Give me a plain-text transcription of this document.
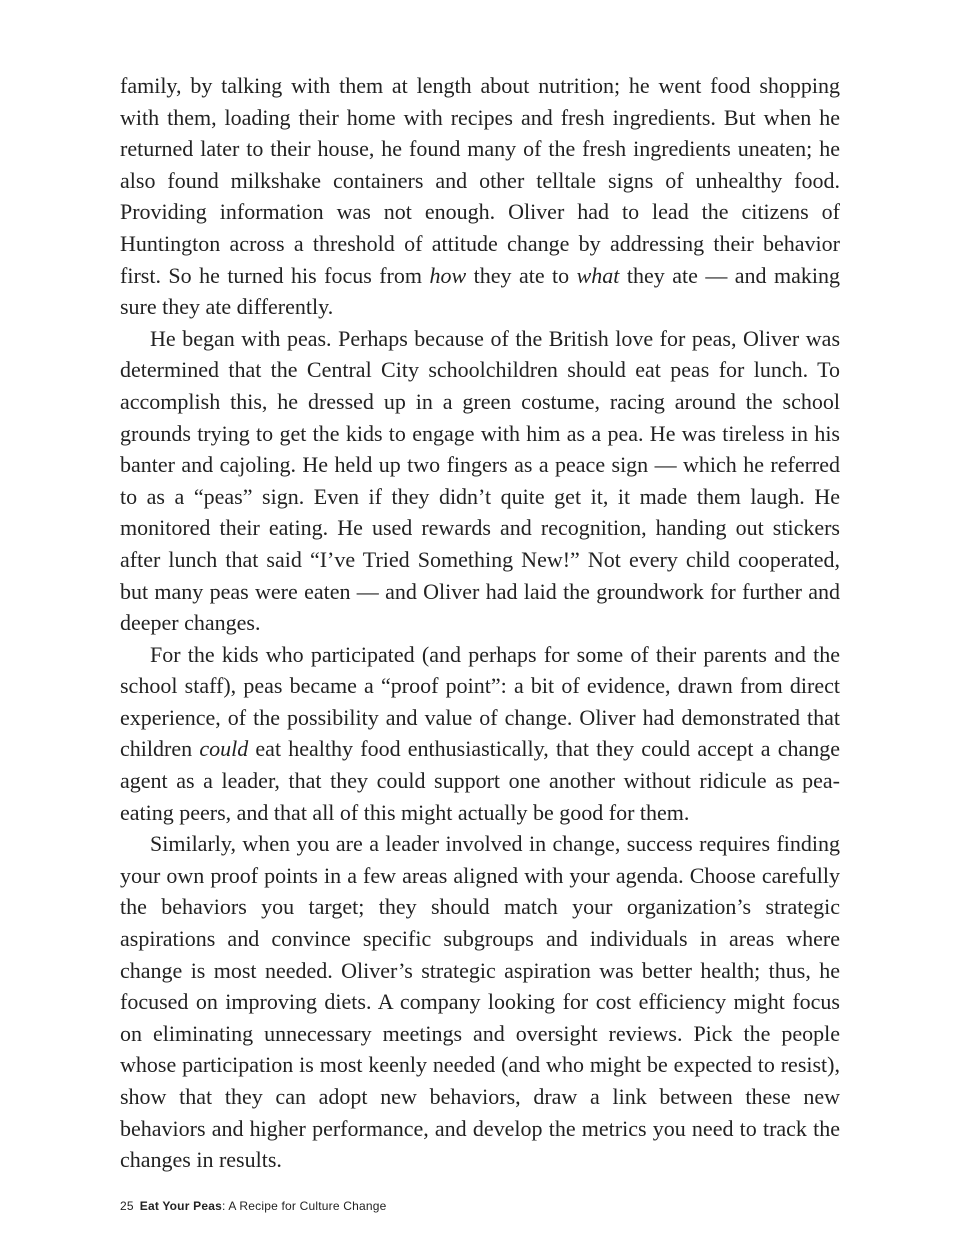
family, by talking with them at length about nutrition; he went food shopping with them, loading their home with recipes and fresh ingredients. But when he returned later to their house, he found many of the fresh ingredients uneaten; he also found milkshake containers and other telltale signs of unhealthy food. Providing information was not enough. Oliver had to lead the citizens of Huntington across a threshold of attitude change by addressing their behavior first. So he turned his focus from how they ate to what they ate — and making sure they ate differently.

He began with peas. Perhaps because of the British love for peas, Oliver was determined that the Central City schoolchildren should eat peas for lunch. To accomplish this, he dressed up in a green costume, racing around the school grounds trying to get the kids to engage with him as a pea. He was tireless in his banter and cajoling. He held up two fingers as a peace sign — which he referred to as a “peas” sign. Even if they didn’t quite get it, it made them laugh. He monitored their eating. He used rewards and recognition, handing out stickers after lunch that said “I’ve Tried Something New!” Not every child cooperated, but many peas were eaten — and Oliver had laid the groundwork for further and deeper changes.

For the kids who participated (and perhaps for some of their parents and the school staff), peas became a “proof point”: a bit of evidence, drawn from direct experience, of the possibility and value of change. Oliver had demonstrated that children could eat healthy food enthusiastically, that they could accept a change agent as a leader, that they could support one another without ridicule as pea-eating peers, and that all of this might actually be good for them.

Similarly, when you are a leader involved in change, success requires finding your own proof points in a few areas aligned with your agenda. Choose carefully the behaviors you target; they should match your organization’s strategic aspirations and convince specific subgroups and individuals in areas where change is most needed. Oliver’s strategic aspiration was better health; thus, he focused on improving diets. A company looking for cost efficiency might focus on eliminating unnecessary meetings and oversight reviews. Pick the people whose participation is most keenly needed (and who might be expected to resist), show that they can adopt new behaviors, draw a link between these new behaviors and higher performance, and develop the metrics you need to track the changes in results.

25 Eat Your Peas: A Recipe for Culture Change
